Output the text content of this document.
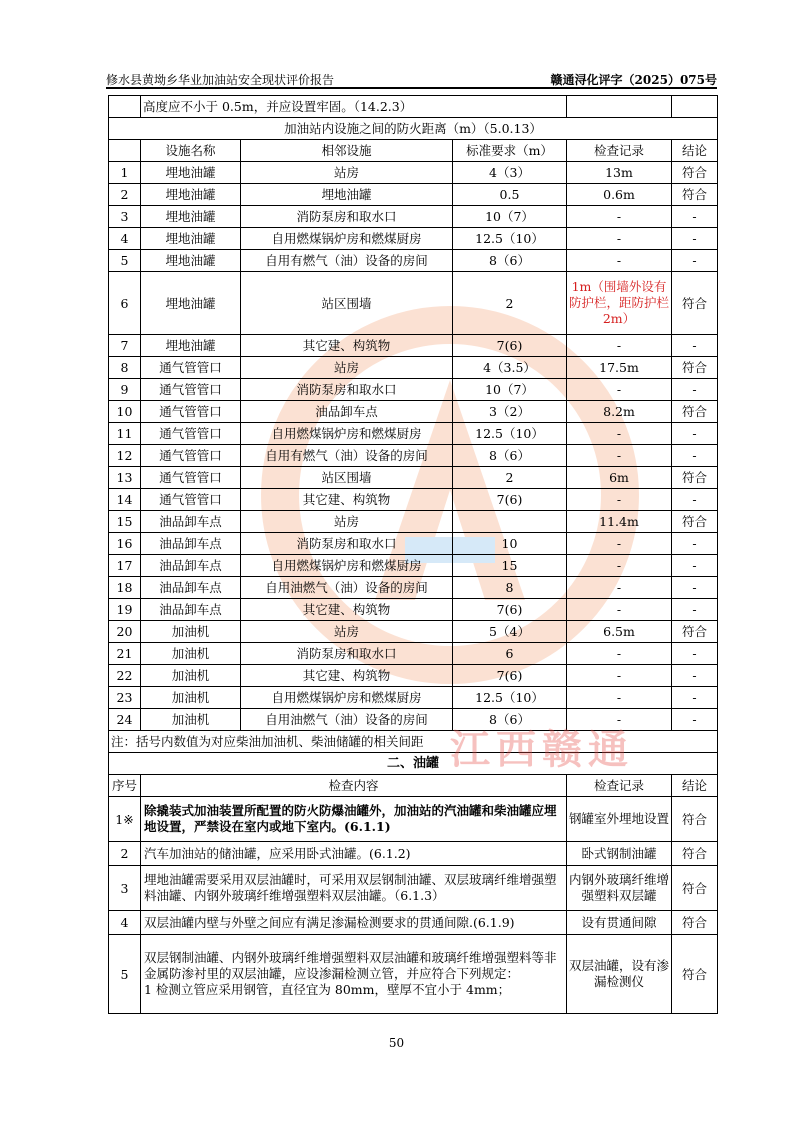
修水县黄坳乡华业加油站安全现状评价报告	赣通浔化评字（2025）075号
	高度应不小于 0.5m，并应设置牢固。（14.2.3）				
加油站内设施之间的防火距离（m）（5.0.13）					
	设施名称	相邻设施	标准要求（m）	检查记录	结论
1	埋地油罐	站房	4（3）	13m	符合
2	埋地油罐	埋地油罐	0.5	0.6m	符合
3	埋地油罐	消防泵房和取水口	10（7）	-	-
4	埋地油罐	自用燃煤锅炉房和燃煤厨房	12.5（10）	-	-
5	埋地油罐	自用有燃气（油）设备的房间	8（6）	-	-
6	埋地油罐	站区围墙	2	1m（围墙外设有防护栏，距防护栏 2m）	符合
7	埋地油罐	其它建、构筑物	7(6)	-	-
8	通气管管口	站房	4（3.5）	17.5m	符合
9	通气管管口	消防泵房和取水口	10（7）	-	-
10	通气管管口	油品卸车点	3（2）	8.2m	符合
11	通气管管口	自用燃煤锅炉房和燃煤厨房	12.5（10）	-	-
12	通气管管口	自用有燃气（油）设备的房间	8（6）	-	-
13	通气管管口	站区围墙	2	6m	符合
14	通气管管口	其它建、构筑物	7(6)	-	-
15	油品卸车点	站房		11.4m	符合
16	油品卸车点	消防泵房和取水口	10	-	-
17	油品卸车点	自用燃煤锅炉房和燃煤厨房	15	-	-
18	油品卸车点	自用油燃气（油）设备的房间	8	-	-
19	油品卸车点	其它建、构筑物	7(6)	-	-
20	加油机	站房	5（4）	6.5m	符合
21	加油机	消防泵房和取水口	6	-	-
22	加油机	其它建、构筑物	7(6)	-	-
23	加油机	自用燃煤锅炉房和燃煤厨房	12.5（10）	-	-
24	加油机	自用油燃气（油）设备的房间	8（6）	-	-
注：括号内数值为对应柴油加油机、柴油储罐的相关间距					
二、油罐					
序号	检查内容			检查记录	结论
1※	除撬装式加油装置所配置的防火防爆油罐外，加油站的汽油罐和柴油罐应埋地设置，严禁设在室内或地下室内。(6.1.1)			钢罐室外埋地设置	符合
2	汽车加油站的储油罐，应采用卧式油罐。(6.1.2)			卧式钢制油罐	符合
3	埋地油罐需要采用双层油罐时，可采用双层钢制油罐、双层玻璃纤维增强塑料油罐、内钢外玻璃纤维增强塑料双层油罐。（6.1.3）			内钢外玻璃纤维增强塑料双层罐	符合
4	双层油罐内壁与外壁之间应有满足渗漏检测要求的贯通间隙.(6.1.9)			设有贯通间隙	符合
5	双层钢制油罐、内钢外玻璃纤维增强塑料双层油罐和玻璃纤维增强塑料等非金属防渗衬里的双层油罐，应设渗漏检测立管，并应符合下列规定：
1 检测立管应采用钢管，直径宜为 80mm，壁厚不宜小于 4mm；			双层油罐，设有渗漏检测仪	符合
江西赣通
50
